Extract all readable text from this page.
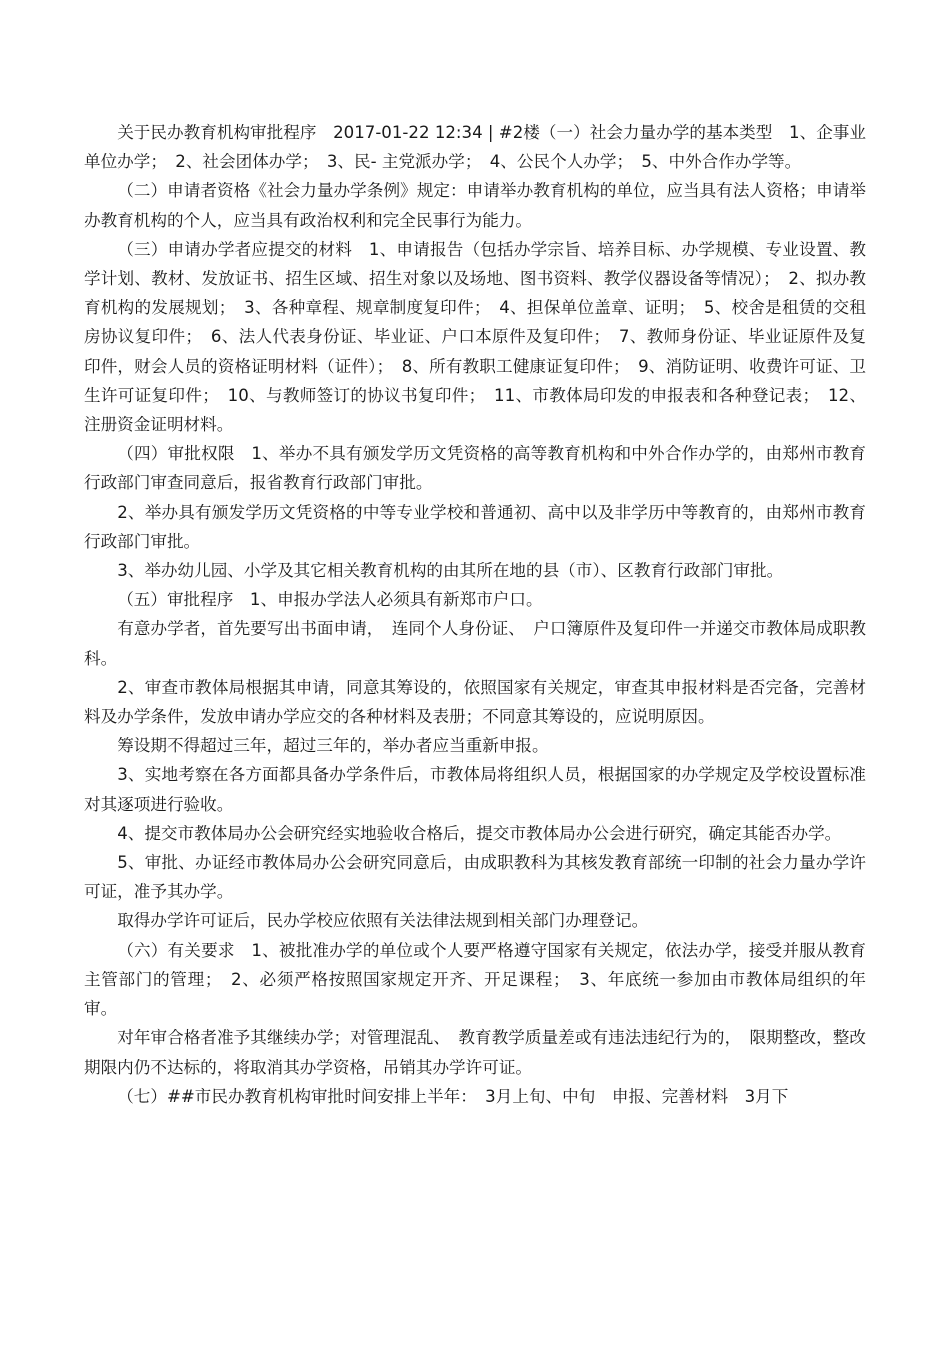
关于民办教育机构审批程序　2017-01-22 12:34 | #2楼（一）社会力量办学的基本类型　1、企事业单位办学；　2、社会团体办学；　3、民- 主党派办学；　4、公民个人办学；　5、中外合作办学等。

（二）申请者资格《社会力量办学条例》规定：申请举办教育机构的单位，应当具有法人资格；申请举办教育机构的个人，应当具有政治权利和完全民事行为能力。

（三）申请办学者应提交的材料　1、申请报告（包括办学宗旨、培养目标、办学规模、专业设置、教学计划、教材、发放证书、招生区域、招生对象以及场地、图书资料、教学仪器设备等情况）；　2、拟办教育机构的发展规划；　3、各种章程、规章制度复印件；　4、担保单位盖章、证明；　5、校舍是租赁的交租房协议复印件；　6、法人代表身份证、毕业证、户口本原件及复印件；　7、教师身份证、毕业证原件及复印件，财会人员的资格证明材料（证件）；　8、所有教职工健康证复印件；　9、消防证明、收费许可证、卫生许可证复印件；　10、与教师签订的协议书复印件；　11、市教体局印发的申报表和各种登记表；　12、注册资金证明材料。

（四）审批权限　1、举办不具有颁发学历文凭资格的高等教育机构和中外合作办学的，由郑州市教育行政部门审查同意后，报省教育行政部门审批。

2、举办具有颁发学历文凭资格的中等专业学校和普通初、高中以及非学历中等教育的，由郑州市教育行政部门审批。

3、举办幼儿园、小学及其它相关教育机构的由其所在地的县（市）、区教育行政部门审批。

（五）审批程序　1、申报办学法人必须具有新郑市户口。

有意办学者，首先要写出书面申请，　连同个人身份证、　户口簿原件及复印件一并递交市教体局成职教科。

2、审查市教体局根据其申请，同意其筹设的，依照国家有关规定，审查其申报材料是否完备，完善材料及办学条件，发放申请办学应交的各种材料及表册；不同意其筹设的，应说明原因。

筹设期不得超过三年，超过三年的，举办者应当重新申报。

3、实地考察在各方面都具备办学条件后，市教体局将组织人员，根据国家的办学规定及学校设置标准对其逐项进行验收。

4、提交市教体局办公会研究经实地验收合格后，提交市教体局办公会进行研究，确定其能否办学。

5、审批、办证经市教体局办公会研究同意后，由成职教科为其核发教育部统一印制的社会力量办学许可证，准予其办学。

取得办学许可证后，民办学校应依照有关法律法规到相关部门办理登记。

（六）有关要求　1、被批准办学的单位或个人要严格遵守国家有关规定，依法办学，接受并服从教育主管部门的管理；　2、必须严格按照国家规定开齐、开足课程；　3、年底统一参加由市教体局组织的年审。

对年审合格者准予其继续办学；对管理混乱、　教育教学质量差或有违法违纪行为的，　限期整改，整改期限内仍不达标的，将取消其办学资格，吊销其办学许可证。

（七）##市民办教育机构审批时间安排上半年：　3月上旬、中旬　申报、完善材料　3月下
